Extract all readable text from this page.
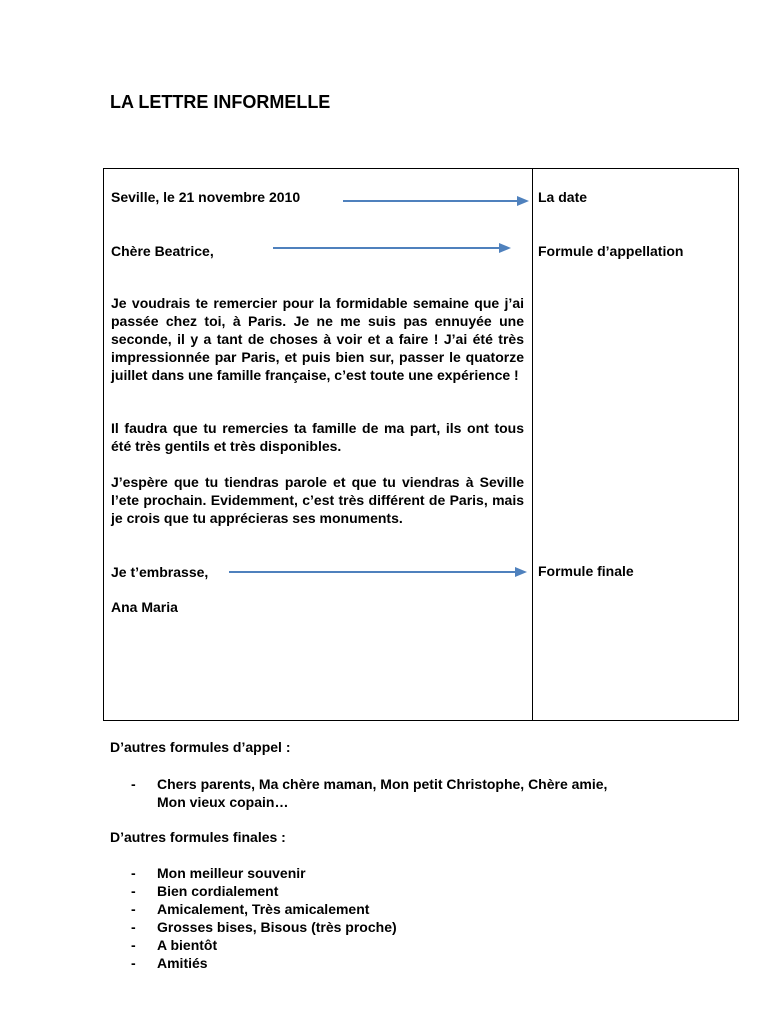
LA LETTRE INFORMELLE
Seville, le 21 novembre 2010
Chère Beatrice,
Je voudrais te remercier pour la formidable semaine que j’ai passée chez toi, à Paris. Je ne me suis pas ennuyée une seconde, il y a tant de choses à voir et a faire ! J’ai été très impressionnée par Paris, et puis bien sur, passer le quatorze juillet dans une famille française, c’est toute une expérience !
Il faudra que tu remercies ta famille de ma part, ils ont tous été très gentils et très disponibles.
J’espère que tu tiendras parole et que tu viendras à Seville l’ete prochain. Evidemment, c’est très différent de Paris, mais je crois que tu apprécieras ses monuments.
Je t’embrasse,
Ana Maria
La date
Formule d’appellation
Formule finale
D’autres formules d’appel :
- Chers parents, Ma chère maman, Mon petit Christophe, Chère amie,
Mon vieux copain…
D’autres formules finales :
- Mon meilleur souvenir
- Bien cordialement
- Amicalement, Très amicalement
- Grosses bises, Bisous (très proche)
- A bientôt
- Amitiés
